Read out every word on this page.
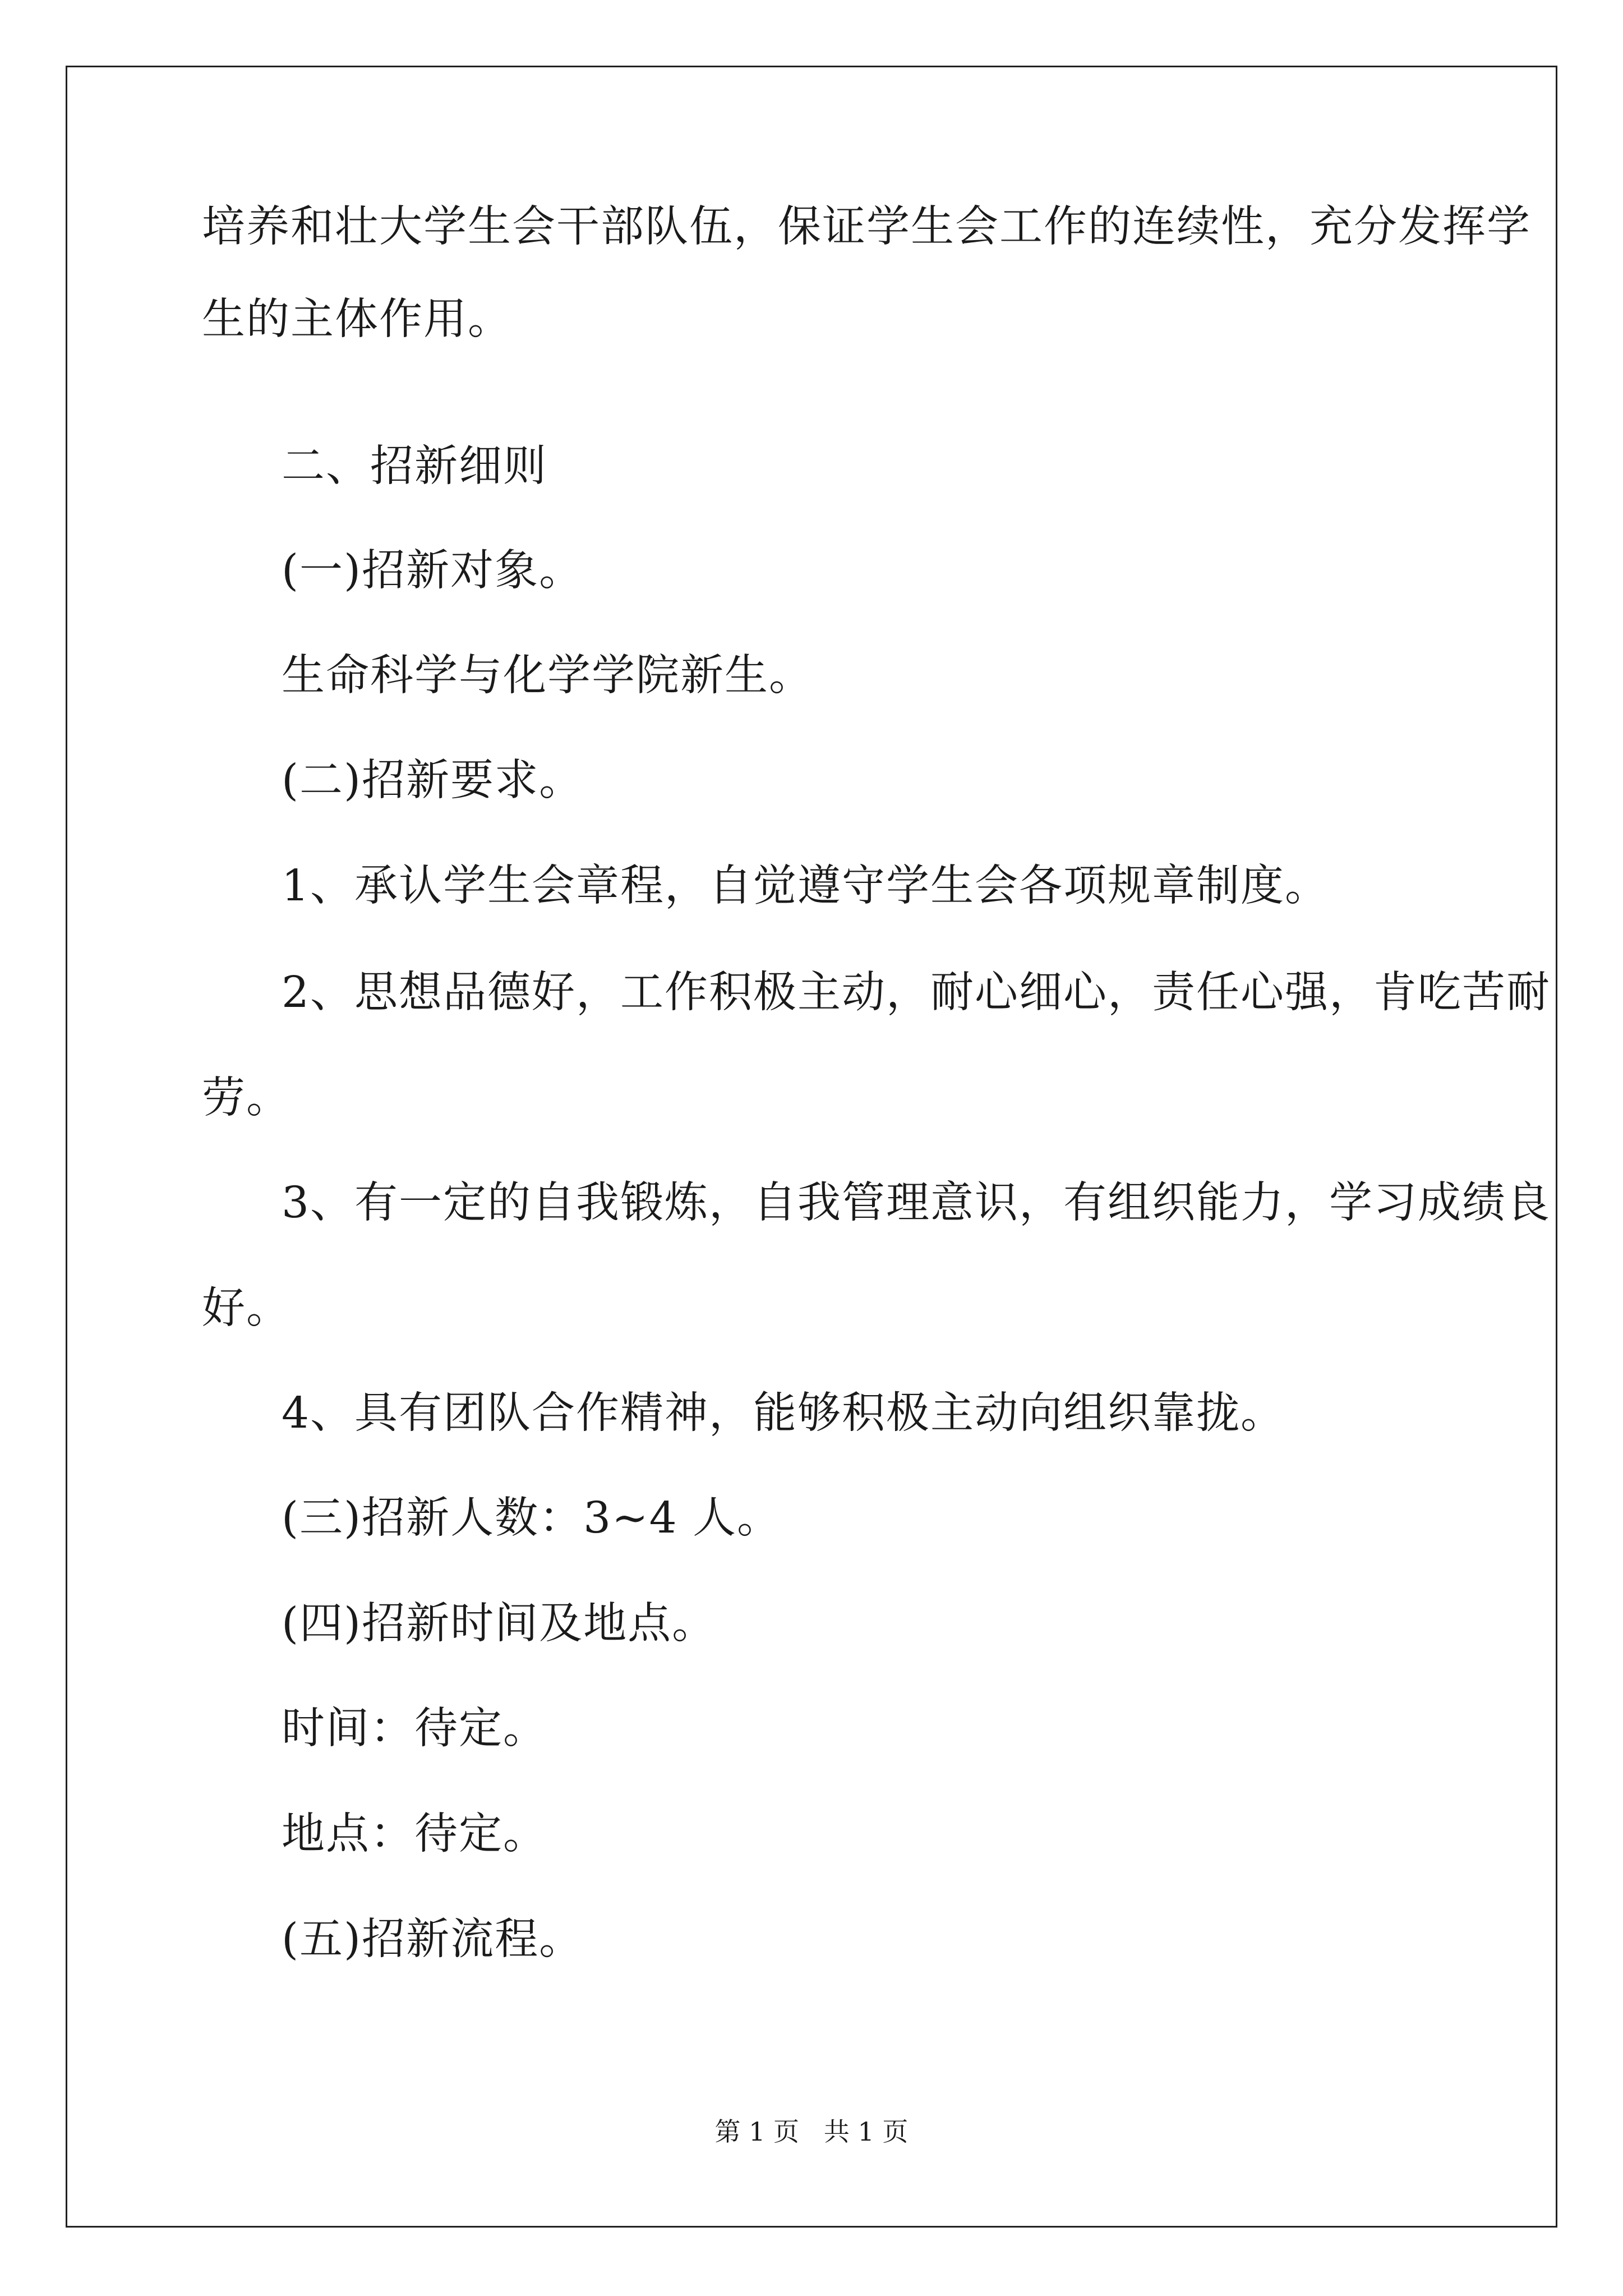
培养和壮大学生会干部队伍，保证学生会工作的连续性，充分发挥学
生的主体作用。
二、招新细则
(一)招新对象。
生命科学与化学学院新生。
(二)招新要求。
1、承认学生会章程，自觉遵守学生会各项规章制度。
2、思想品德好，工作积极主动，耐心细心，责任心强，肯吃苦耐
劳。
3、有一定的自我锻炼，自我管理意识，有组织能力，学习成绩良
好。
4、具有团队合作精神，能够积极主动向组织靠拢。
(三)招新人数：3~4 人。
(四)招新时间及地点。
时间：待定。
地点：待定。
(五)招新流程。
第 1 页   共 1 页
